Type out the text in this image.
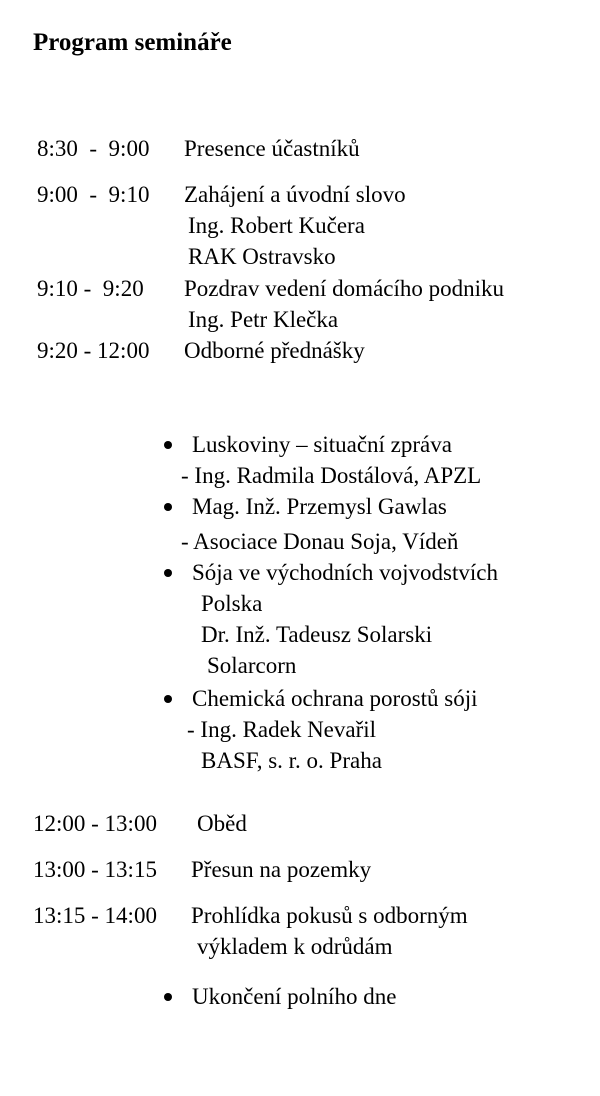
Program semináře
8:30  -  9:00 Presence účastníků
9:00  -  9:10 Zahájení a úvodní slovo
Ing. Robert Kučera
RAK Ostravsko
9:10 -  9:20 Pozdrav vedení domácího podniku
Ing. Petr Klečka
9:20 - 12:00 Odborné přednášky
Luskoviny – situační zpráva
- Ing. Radmila Dostálová, APZL
Mag. Inž. Przemysl Gawlas
- Asociace Donau Soja, Vídeň
Sója ve východních vojvodstvích
Polska
Dr. Inž. Tadeusz Solarski
Solarcorn
Chemická ochrana porostů sóji
- Ing. Radek Nevařil
BASF, s. r. o. Praha
12:00 - 13:00 Oběd
13:00 - 13:15 Přesun na pozemky
13:15 - 14:00 Prohlídka pokusů s odborným
výkladem k odrůdám
Ukončení polního dne
